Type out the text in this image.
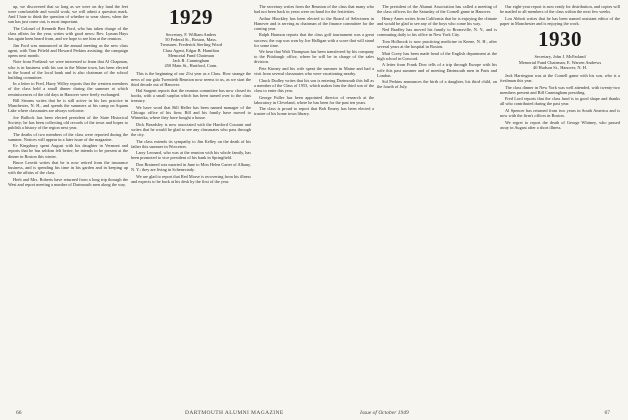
up, we discovered that so long as we were on dry land the feet were comfortable and would work; we will admit a question mark. And I hate to think the question of whether to wear shoes, when the sun has just come out, is most important.

The Colonel of Kenneth Bert Ford, who has taken charge of the class affairs for the year, writes with good news: Rev. Lyman Hays has again been heard from, and we hope to see him at the reunion.

Jim Ford was announced at the annual meeting as the new class agent, with Tom Fifield and Howard Perkins assisting; the campaign opens next month.

Note from Portland: we were interested to learn that Al Chapman, who is in business with his son in the Maine town, has been elected to the board of the local bank and is also chairman of the school building committee.

In a letter to Fred, Harry Willey reports that the western members of the class held a small dinner during the summer at which reminiscences of the old days in Hanover were freely exchanged.

Bill Stearns writes that he is still active in his law practice in Manchester, N. H., and spends the summers at his camp on Squam Lake where classmates are always welcome.

Joe Bullock has been elected president of the State Historical Society; he has been collecting old records of the town and hopes to publish a history of the region next year.

The deaths of two members of the class were reported during the summer. Notices will appear in a later issue of the magazine.

Ev Kingsbury spent August with his daughter in Vermont and reports that he has seldom felt better; he intends to be present at the dinner in Boston this winter.

Bruce Leavitt writes that he is now retired from the insurance business, and is spending his time in his garden and in keeping up with the affairs of the class.

Herb and Mrs. Roberts have returned from a long trip through the West and report meeting a number of Dartmouth men along the way.

1929
Secretary, F. William Andres
50 Federal St., Boston, Mass.
Treasurer, Frederick Sterling Wood
Class Agent, Edgar B. Hamilton
Memorial Fund Chairman
Jack R. Cunningham
450 Main St., Hartford, Conn.

This is the beginning of our 21st year as a Class. How strange the news of our gala Twentieth Reunion now seems to us, as we start the third decade out of Hanover.

Hal Sargent reports that the reunion committee has now closed its books, with a small surplus which has been turned over to the class treasury.

We have word that Bill Heller has been named manager of the Chicago office of his firm; Bill and his family have moved to Winnetka, where they have bought a house.

Dick Beardsley is now associated with the Hartford Courant and writes that he would be glad to see any classmates who pass through the city.

The class extends its sympathy to Jim Kelley on the death of his father this summer in Worcester.

Larry Leonard, who was at the reunion with his whole family, has been promoted to vice president of his bank in Springfield.

Don Brainerd was married in June to Miss Helen Carter of Albany, N. Y.; they are living in Schenectady.

We are glad to report that Red Morse is recovering from his illness and expects to be back at his desk by the first of the year.

The secretary writes from the Reunion of the class that many who had not been back in years were on hand for the festivities.

Arthur Hinckley has been elected to the Board of Selectmen in Hanover and is serving as chairman of the finance committee for the coming year.

Ralph Harmon reports that the class golf tournament was a great success; the cup was won by Joe Halligan with a score that will stand for some time.

We hear that Walt Thompson has been transferred by his company to the Pittsburgh office, where he will be in charge of the sales division.

Pete Kinney and his wife spent the summer in Maine and had a visit from several classmates who were vacationing nearby.

Chuck Dudley writes that his son is entering Dartmouth this fall as a member of the Class of 1953, which makes him the third son of the class to enter this year.

George Fuller has been appointed director of research at the laboratory in Cleveland, where he has been for the past ten years.

The class is proud to report that Bob Emery has been elected a trustee of his home town library.

The president of the Alumni Association has called a meeting of the class officers for the Saturday of the Cornell game in Hanover.

Henry Ames writes from California that he is enjoying the climate and would be glad to see any of the boys who come his way.

Ned Bradley has moved his family to Bronxville, N. Y., and is commuting daily to his office in New York City.

Tom Holbrook is now practicing medicine in Keene, N. H., after several years at the hospital in Boston.

Matt Corey has been made head of the English department at the high school in Concord.

A letter from Frank Dow tells of a trip through Europe with his wife this past summer and of meeting Dartmouth men in Paris and London.

Sid Perkins announces the birth of a daughter, his third child, on the fourth of July.

Our eight-year report is now ready for distribution, and copies will be mailed to all members of the class within the next few weeks.

Lou Abbott writes that he has been named assistant editor of the paper in Manchester and is enjoying the work.

1930
Secretary, John J. McFarland
Memorial Fund Chairman, E. Warren Andrews
40 Hudson St., Hanover, N. H.

Jack Harrington was at the Cornell game with his son, who is a freshman this year.

The class dinner in New York was well attended, with twenty-two members present and Bill Cunningham presiding.

Fred Lord reports that the class fund is in good shape and thanks all who contributed during the past year.

Al Spencer has returned from two years in South America and is now with the firm's offices in Boston.

We regret to report the death of George Whitney, who passed away in August after a short illness.

66	DARTMOUTH ALUMNI MAGAZINE	Issue of October 1949	67
